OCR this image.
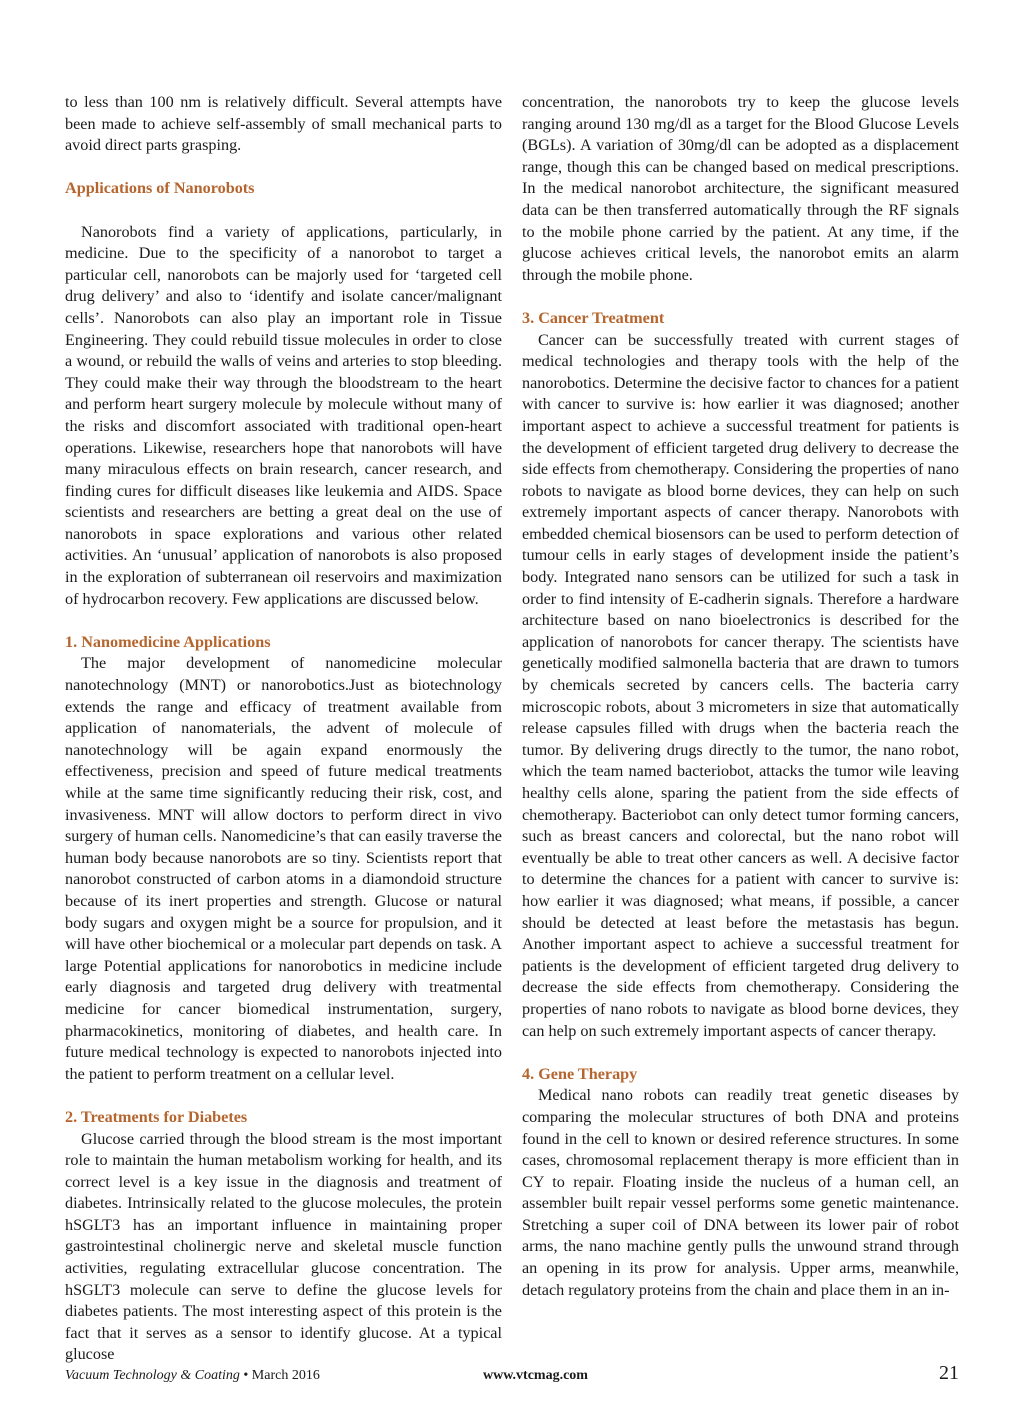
to less than 100 nm is relatively difficult. Several attempts have been made to achieve self-assembly of small mechanical parts to avoid direct parts grasping.

Applications of Nanorobots

Nanorobots find a variety of applications, particularly, in medicine. Due to the specificity of a nanorobot to target a particular cell, nanorobots can be majorly used for ‘targeted cell drug delivery’ and also to ‘identify and isolate cancer/malignant cells’. Nanorobots can also play an important role in Tissue Engineering. They could rebuild tissue molecules in order to close a wound, or rebuild the walls of veins and arteries to stop bleeding. They could make their way through the bloodstream to the heart and perform heart surgery molecule by molecule without many of the risks and discomfort associated with traditional open-heart operations. Likewise, researchers hope that nanorobots will have many miraculous effects on brain research, cancer research, and finding cures for difficult diseases like leukemia and AIDS. Space scientists and researchers are betting a great deal on the use of nanorobots in space explorations and various other related activities. An ‘unusual’ application of nanorobots is also proposed in the exploration of subterranean oil reservoirs and maximization of hydrocarbon recovery. Few applications are discussed below.

1. Nanomedicine Applications

The major development of nanomedicine molecular nanotechnology (MNT) or nanorobotics.Just as biotechnology extends the range and efficacy of treatment available from application of nanomaterials, the advent of molecule of nanotechnology will be again expand enormously the effectiveness, precision and speed of future medical treatments while at the same time significantly reducing their risk, cost, and invasiveness. MNT will allow doctors to perform direct in vivo surgery of human cells. Nanomedicine’s that can easily traverse the human body because nanorobots are so tiny. Scientists report that nanorobot constructed of carbon atoms in a diamondoid structure because of its inert properties and strength. Glucose or natural body sugars and oxygen might be a source for propulsion, and it will have other biochemical or a molecular part depends on task. A large Potential applications for nanorobotics in medicine include early diagnosis and targeted drug delivery with treatmental medicine for cancer biomedical instrumentation, surgery, pharmacokinetics, monitoring of diabetes, and health care. In future medical technology is expected to nanorobots injected into the patient to perform treatment on a cellular level.

2. Treatments for Diabetes

Glucose carried through the blood stream is the most important role to maintain the human metabolism working for health, and its correct level is a key issue in the diagnosis and treatment of diabetes. Intrinsically related to the glucose molecules, the protein hSGLT3 has an important influence in maintaining proper gastrointestinal cholinergic nerve and skeletal muscle function activities, regulating extracellular glucose concentration. The hSGLT3 molecule can serve to define the glucose levels for diabetes patients. The most interesting aspect of this protein is the fact that it serves as a sensor to identify glucose. At a typical glucose

concentration, the nanorobots try to keep the glucose levels ranging around 130 mg/dl as a target for the Blood Glucose Levels (BGLs). A variation of 30mg/dl can be adopted as a displacement range, though this can be changed based on medical prescriptions. In the medical nanorobot architecture, the significant measured data can be then transferred automatically through the RF signals to the mobile phone carried by the patient. At any time, if the glucose achieves critical levels, the nanorobot emits an alarm through the mobile phone.

3. Cancer Treatment

Cancer can be successfully treated with current stages of medical technologies and therapy tools with the help of the nanorobotics. Determine the decisive factor to chances for a patient with cancer to survive is: how earlier it was diagnosed; another important aspect to achieve a successful treatment for patients is the development of efficient targeted drug delivery to decrease the side effects from chemotherapy. Considering the properties of nano robots to navigate as blood borne devices, they can help on such extremely important aspects of cancer therapy. Nanorobots with embedded chemical biosensors can be used to perform detection of tumour cells in early stages of development inside the patient’s body. Integrated nano sensors can be utilized for such a task in order to find intensity of E-cadherin signals. Therefore a hardware architecture based on nano bioelectronics is described for the application of nanorobots for cancer therapy. The scientists have genetically modified salmonella bacteria that are drawn to tumors by chemicals secreted by cancers cells. The bacteria carry microscopic robots, about 3 micrometers in size that automatically release capsules filled with drugs when the bacteria reach the tumor. By delivering drugs directly to the tumor, the nano robot, which the team named bacteriobot, attacks the tumor wile leaving healthy cells alone, sparing the patient from the side effects of chemotherapy. Bacteriobot can only detect tumor forming cancers, such as breast cancers and colorectal, but the nano robot will eventually be able to treat other cancers as well. A decisive factor to determine the chances for a patient with cancer to survive is: how earlier it was diagnosed; what means, if possible, a cancer should be detected at least before the metastasis has begun. Another important aspect to achieve a successful treatment for patients is the development of efficient targeted drug delivery to decrease the side effects from chemotherapy. Considering the properties of nano robots to navigate as blood borne devices, they can help on such extremely important aspects of cancer therapy.

4. Gene Therapy

Medical nano robots can readily treat genetic diseases by comparing the molecular structures of both DNA and proteins found in the cell to known or desired reference structures. In some cases, chromosomal replacement therapy is more efficient than in CY to repair. Floating inside the nucleus of a human cell, an assembler built repair vessel performs some genetic maintenance. Stretching a super coil of DNA between its lower pair of robot arms, the nano machine gently pulls the unwound strand through an opening in its prow for analysis. Upper arms, meanwhile, detach regulatory proteins from the chain and place them in an in-

Vacuum Technology & Coating • March 2016	www.vtcmag.com	21
